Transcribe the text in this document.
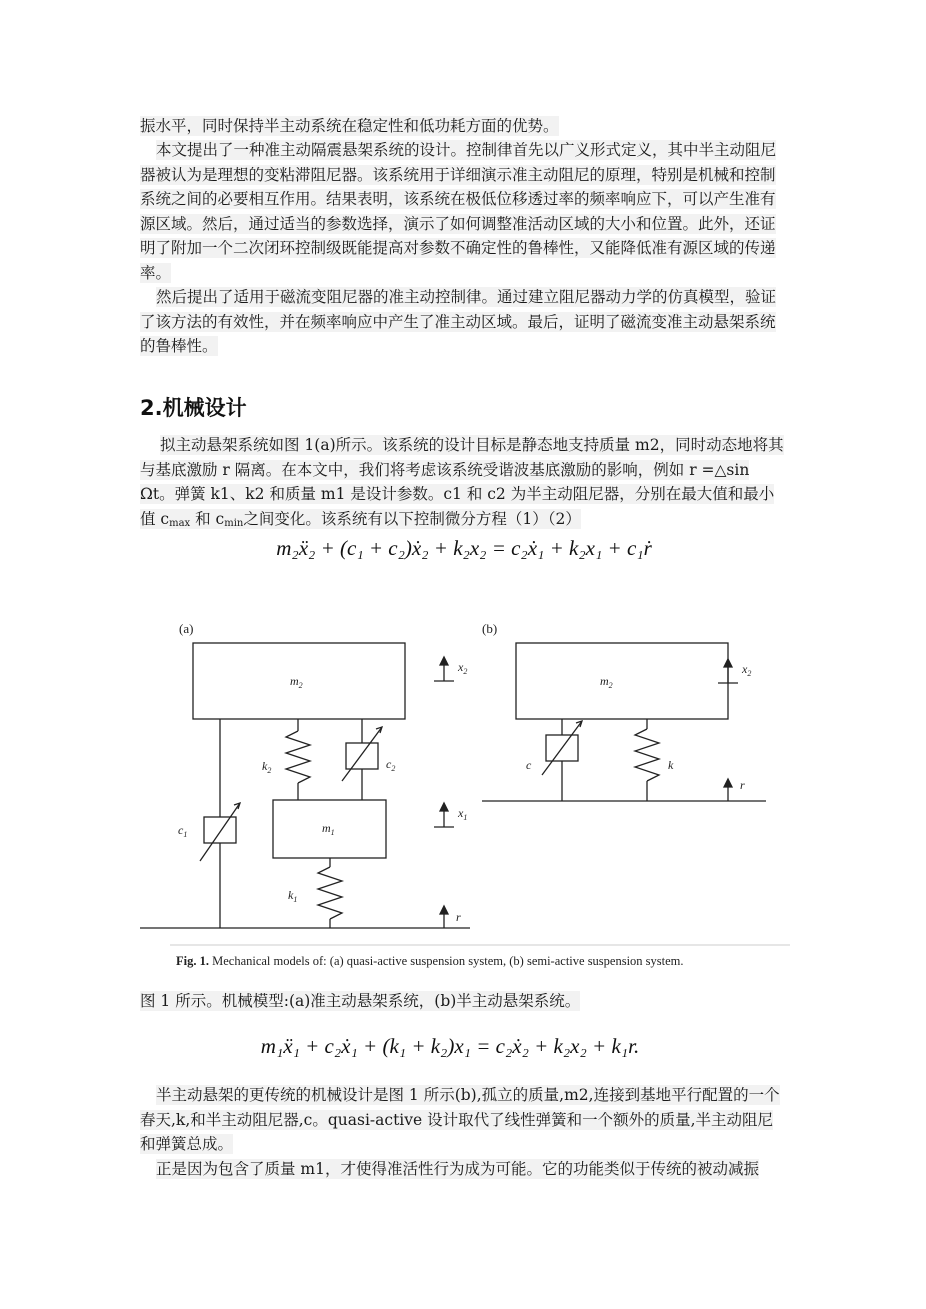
振水平，同时保持半主动系统在稳定性和低功耗方面的优势。

本文提出了一种准主动隔震悬架系统的设计。控制律首先以广义形式定义，其中半主动阻尼器被认为是理想的变粘滞阻尼器。该系统用于详细演示准主动阻尼的原理，特别是机械和控制系统之间的必要相互作用。结果表明，该系统在极低位移透过率的频率响应下，可以产生准有源区域。然后，通过适当的参数选择，演示了如何调整准活动区域的大小和位置。此外，还证明了附加一个二次闭环控制级既能提高对参数不确定性的鲁棒性，又能降低准有源区域的传递率。

然后提出了适用于磁流变阻尼器的准主动控制律。通过建立阻尼器动力学的仿真模型，验证了该方法的有效性，并在频率响应中产生了准主动区域。最后，证明了磁流变准主动悬架系统的鲁棒性。

2.机械设计

拟主动悬架系统如图 1(a)所示。该系统的设计目标是静态地支持质量 m2，同时动态地将其与基底激励 r 隔离。在本文中，我们将考虑该系统受谐波基底激励的影响，例如 r =△sin Ωt。弹簧 k1、k2 和质量 m1 是设计参数。c1 和 c2 为半主动阻尼器，分别在最大值和最小值 $c_{max}$ 和 $c_{min}$之间变化。该系统有以下控制微分方程（1）（2）

m₂ẍ₂ + (c₁ + c₂)ẋ₂ + k₂x₂ = c₂ẋ₁ + k₂x₁ + c₁ṙ
(a)	(b)
$m_2$
$m_1$
$k_2$	$c_2$
$c_1$
$k_1$
$x_2$
$x_1$
r
$m_2$
c	k
$x_2$
r
Fig. 1. Mechanical models of: (a) quasi-active suspension system, (b) semi-active suspension system.

图 1 所示。机械模型:(a)准主动悬架系统，(b)半主动悬架系统。

m₁ẍ₁ + c₂ẋ₁ + (k₁ + k₂)x₁ = c₂ẋ₂ + k₂x₂ + k₁r.

半主动悬架的更传统的机械设计是图 1 所示(b),孤立的质量,m2,连接到基地平行配置的一个春天,k,和半主动阻尼器,c。quasi-active 设计取代了线性弹簧和一个额外的质量,半主动阻尼和弹簧总成。

正是因为包含了质量 m1，才使得准活性行为成为可能。它的功能类似于传统的被动减振
